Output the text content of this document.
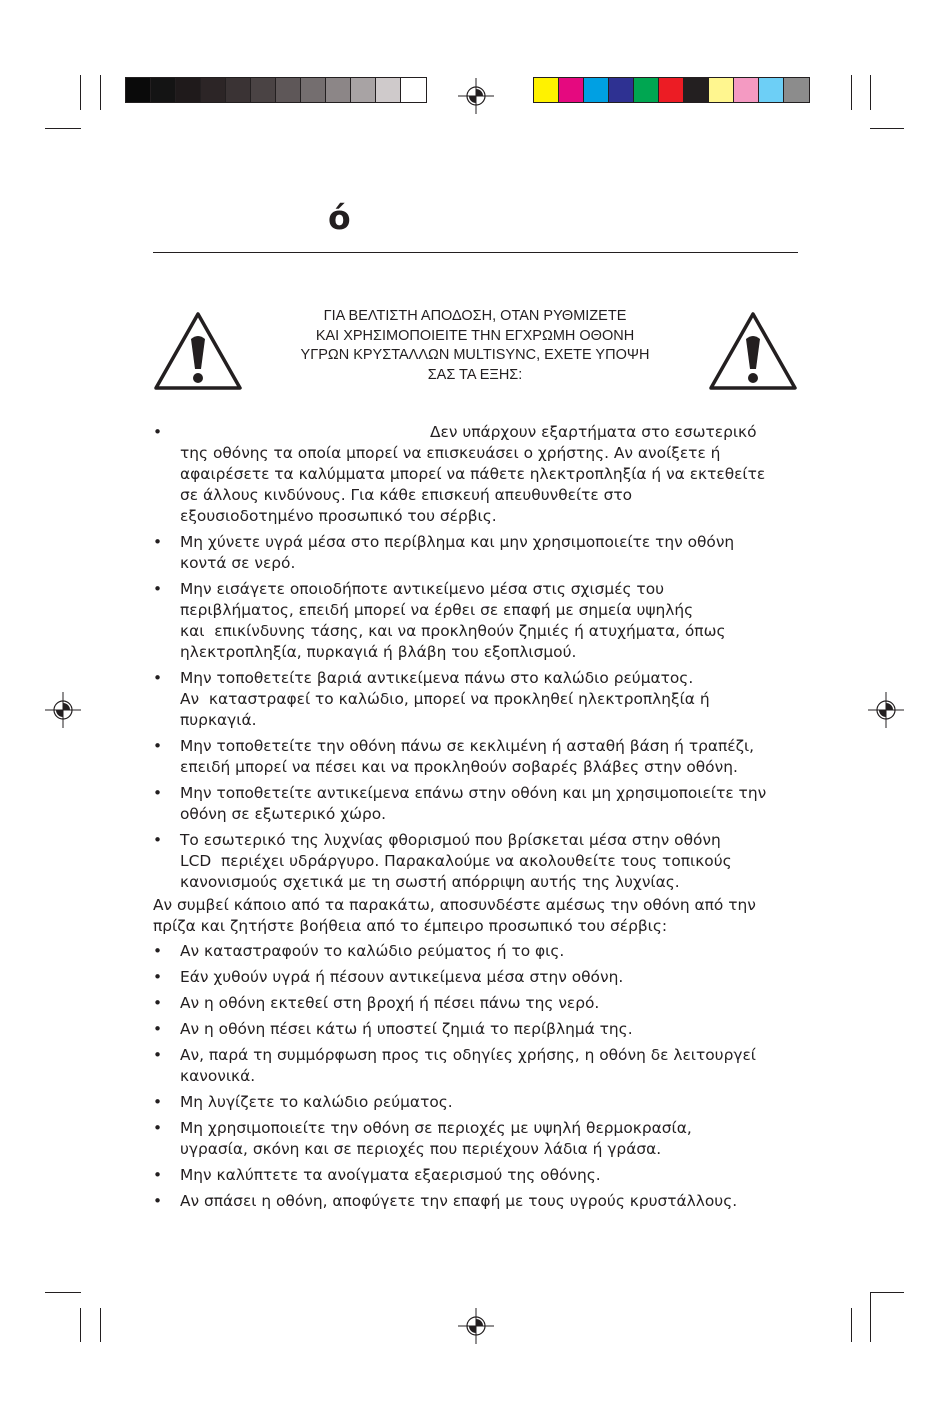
ό
ΓΙΑ ΒΕΛΤΙΣΤΗ ΑΠΟΔΟΣΗ, ΟΤΑΝ ΡΥΘΜΙΖΕΤΕ
ΚΑΙ ΧΡΗΣΙΜΟΠΟΙΕΙΤΕ ΤΗΝ ΕΓΧΡΩΜΗ ΟΘΟΝΗ
ΥΓΡΩΝ ΚΡΥΣΤΑΛΛΩΝ MULTISYNC, ΕΧΕΤΕ ΥΠΟΨΗ
ΣΑΣ ΤΑ ΕΞΗΣ:
•	Δεν υπάρχουν εξαρτήματα στο εσωτερικό
της οθόνης τα οποία μπορεί να επισκευάσει ο χρήστης. Αν ανοίξετε ή
αφαιρέσετε τα καλύμματα μπορεί να πάθετε ηλεκτροπληξία ή να εκτεθείτε
σε άλλους κινδύνους. Για κάθε επισκευή απευθυνθείτε στο
εξουσιοδοτημένο προσωπικό του σέρβις.
• Μη χύνετε υγρά μέσα στο περίβλημα και μην χρησιμοποιείτε την οθόνη
κοντά σε νερό.
• Μην εισάγετε οποιοδήποτε αντικείμενο μέσα στις σχισμές του
περιβλήματος, επειδή μπορεί να έρθει σε επαφή με σημεία υψηλής
και  επικίνδυνης τάσης, και να προκληθούν ζημιές ή ατυχήματα, όπως
ηλεκτροπληξία, πυρκαγιά ή βλάβη του εξοπλισμού.
• Μην τοποθετείτε βαριά αντικείμενα πάνω στο καλώδιο ρεύματος.
Αν  καταστραφεί το καλώδιο, μπορεί να προκληθεί ηλεκτροπληξία ή
πυρκαγιά.
• Μην τοποθετείτε την οθόνη πάνω σε κεκλιμένη ή ασταθή βάση ή τραπέζι,
επειδή μπορεί να πέσει και να προκληθούν σοβαρές βλάβες στην οθόνη.
• Μην τοποθετείτε αντικείμενα επάνω στην οθόνη και μη χρησιμοποιείτε την
οθόνη σε εξωτερικό χώρο.
• Το εσωτερικό της λυχνίας φθορισμού που βρίσκεται μέσα στην οθόνη
LCD  περιέχει υδράργυρο. Παρακαλούμε να ακολουθείτε τους τοπικούς
κανονισμούς σχετικά με τη σωστή απόρριψη αυτής της λυχνίας.
Αν συμβεί κάποιο από τα παρακάτω, αποσυνδέστε αμέσως την οθόνη από την
πρίζα και ζητήστε βοήθεια από το έμπειρο προσωπικό του σέρβις:
• Αν καταστραφούν το καλώδιο ρεύματος ή το φις.
• Εάν χυθούν υγρά ή πέσουν αντικείμενα μέσα στην οθόνη.
• Αν η οθόνη εκτεθεί στη βροχή ή πέσει πάνω της νερό.
• Αν η οθόνη πέσει κάτω ή υποστεί ζημιά το περίβλημά της.
• Αν, παρά τη συμμόρφωση προς τις οδηγίες χρήσης, η οθόνη δε λειτουργεί
κανονικά.
• Μη λυγίζετε το καλώδιο ρεύματος.
• Μη χρησιμοποιείτε την οθόνη σε περιοχές με υψηλή θερμοκρασία,
υγρασία, σκόνη και σε περιοχές που περιέχουν λάδια ή γράσα.
• Μην καλύπτετε τα ανοίγματα εξαερισμού της οθόνης.
• Αν σπάσει η οθόνη, αποφύγετε την επαφή με τους υγρούς κρυστάλλους.
